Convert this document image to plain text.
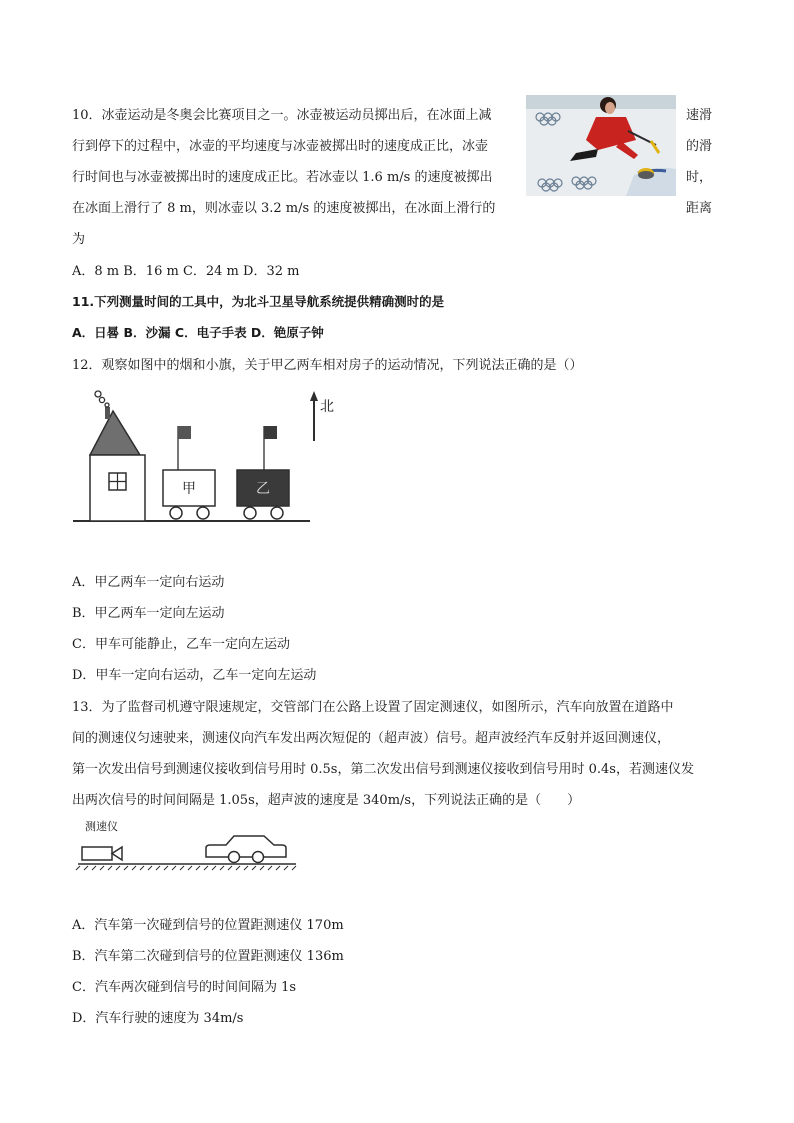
10．冰壶运动是冬奥会比赛项目之一。冰壶被运动员掷出后，在冰面上减
行到停下的过程中，冰壶的平均速度与冰壶被掷出时的速度成正比，冰壶
行时间也与冰壶被掷出时的速度成正比。若冰壶以 1.6 m/s 的速度被掷出
在冰面上滑行了 8 m，则冰壶以 3.2 m/s 的速度被掷出，在冰面上滑行的
为
速滑
的滑
时，
距离
A．8 m B．16 m C．24 m D．32 m
11.下列测量时间的工具中，为北斗卫星导航系统提供精确测时的是
A．日晷 B．沙漏 C．电子手表 D．铯原子钟
12．观察如图中的烟和小旗，关于甲乙两车相对房子的运动情况，下列说法正确的是（）
甲	乙
北
A．甲乙两车一定向右运动
B．甲乙两车一定向左运动
C．甲车可能静止，乙车一定向左运动
D．甲车一定向右运动，乙车一定向左运动
13．为了监督司机遵守限速规定，交管部门在公路上设置了固定测速仪，如图所示，汽车向放置在道路中
间的测速仪匀速驶来，测速仪向汽车发出两次短促的（超声波）信号。超声波经汽车反射并返回测速仪，
第一次发出信号到测速仪接收到信号用时 0.5s，第二次发出信号到测速仪接收到信号用时 0.4s，若测速仪发
出两次信号的时间间隔是 1.05s，超声波的速度是 340m/s，下列说法正确的是（　　）
测速仪
A．汽车第一次碰到信号的位置距测速仪 170m
B．汽车第二次碰到信号的位置距测速仪 136m
C．汽车两次碰到信号的时间间隔为 1s
D．汽车行驶的速度为 34m/s
